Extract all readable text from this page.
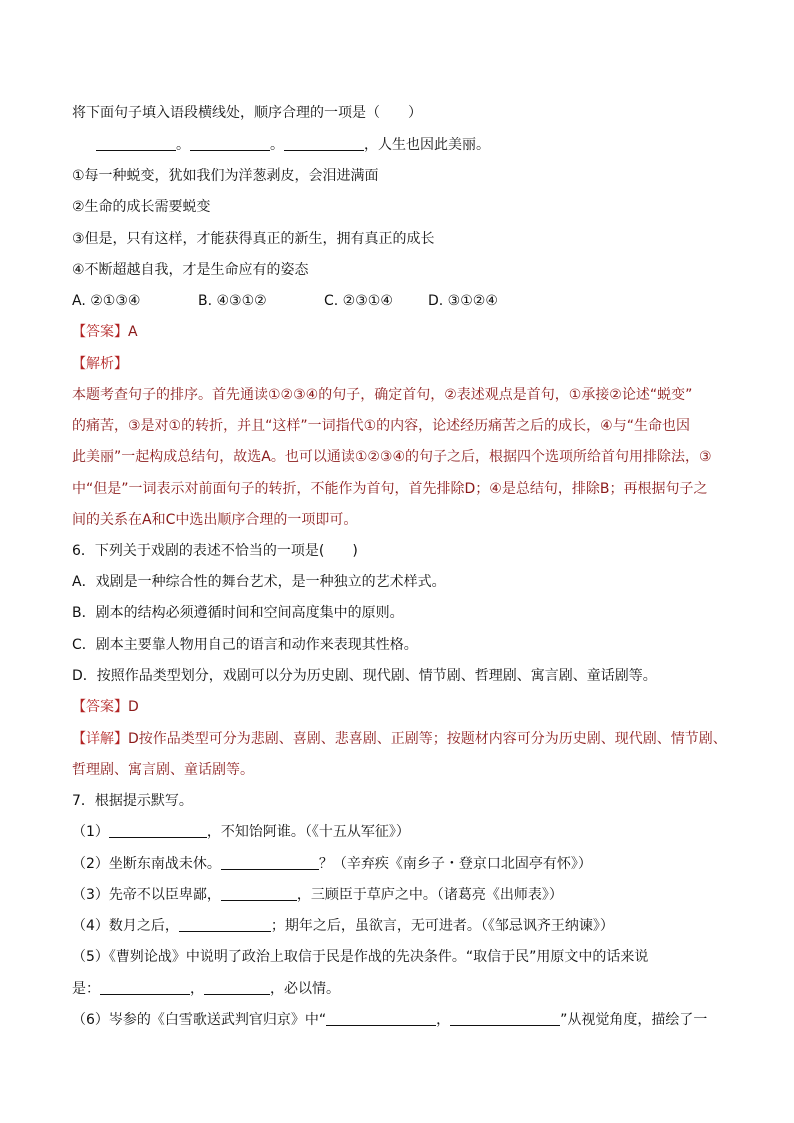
将下面句子填入语段横线处，顺序合理的一项是（　　）
。	。	，人生也因此美丽。
①每一种蜕变，犹如我们为洋葱剥皮，会泪进满面
②生命的成长需要蜕变
③但是，只有这样，才能获得真正的新生，拥有真正的成长
④不断超越自我，才是生命应有的姿态
A. ②①③④	B. ④③①②	C. ②③①④	D. ③①②④
【答案】A
【解析】
本题考查句子的排序。首先通读①②③④的句子，确定首句，②表述观点是首句，①承接②论述“蜕变”
的痛苦，③是对①的转折，并且“这样”一词指代①的内容，论述经历痛苦之后的成长，④与“生命也因
此美丽”一起构成总结句，故选A。也可以通读①②③④的句子之后，根据四个选项所给首句用排除法，③
中“但是”一词表示对前面句子的转折，不能作为首句，首先排除D；④是总结句，排除B；再根据句子之
间的关系在A和C中选出顺序合理的一项即可。
6．下列关于戏剧的表述不恰当的一项是(　　)
A．戏剧是一种综合性的舞台艺术，是一种独立的艺术样式。
B．剧本的结构必须遵循时间和空间高度集中的原则。
C．剧本主要靠人物用自己的语言和动作来表现其性格。
D．按照作品类型划分，戏剧可以分为历史剧、现代剧、情节剧、哲理剧、寓言剧、童话剧等。
【答案】D
【详解】D按作品类型可分为悲剧、喜剧、悲喜剧、正剧等；按题材内容可分为历史剧、现代剧、情节剧、
哲理剧、寓言剧、童话剧等。
7．根据提示默写。
（1）	，不知饴阿谁。（《十五从军征》）
（2）坐断东南战未休。	？（辛弃疾《南乡子・登京口北固亭有怀》）
（3）先帝不以臣卑鄙，	，三顾臣于草庐之中。（诸葛亮《出师表》）
（4）数月之后，	；期年之后，虽欲言，无可进者。（《邹忌讽齐王纳谏》）
（5）《曹刿论战》中说明了政治上取信于民是作战的先决条件。“取信于民”用原文中的话来说
是：	，	，必以情。
（6）岑参的《白雪歌送武判官归京》中“	，	”从视觉角度，描绘了一
